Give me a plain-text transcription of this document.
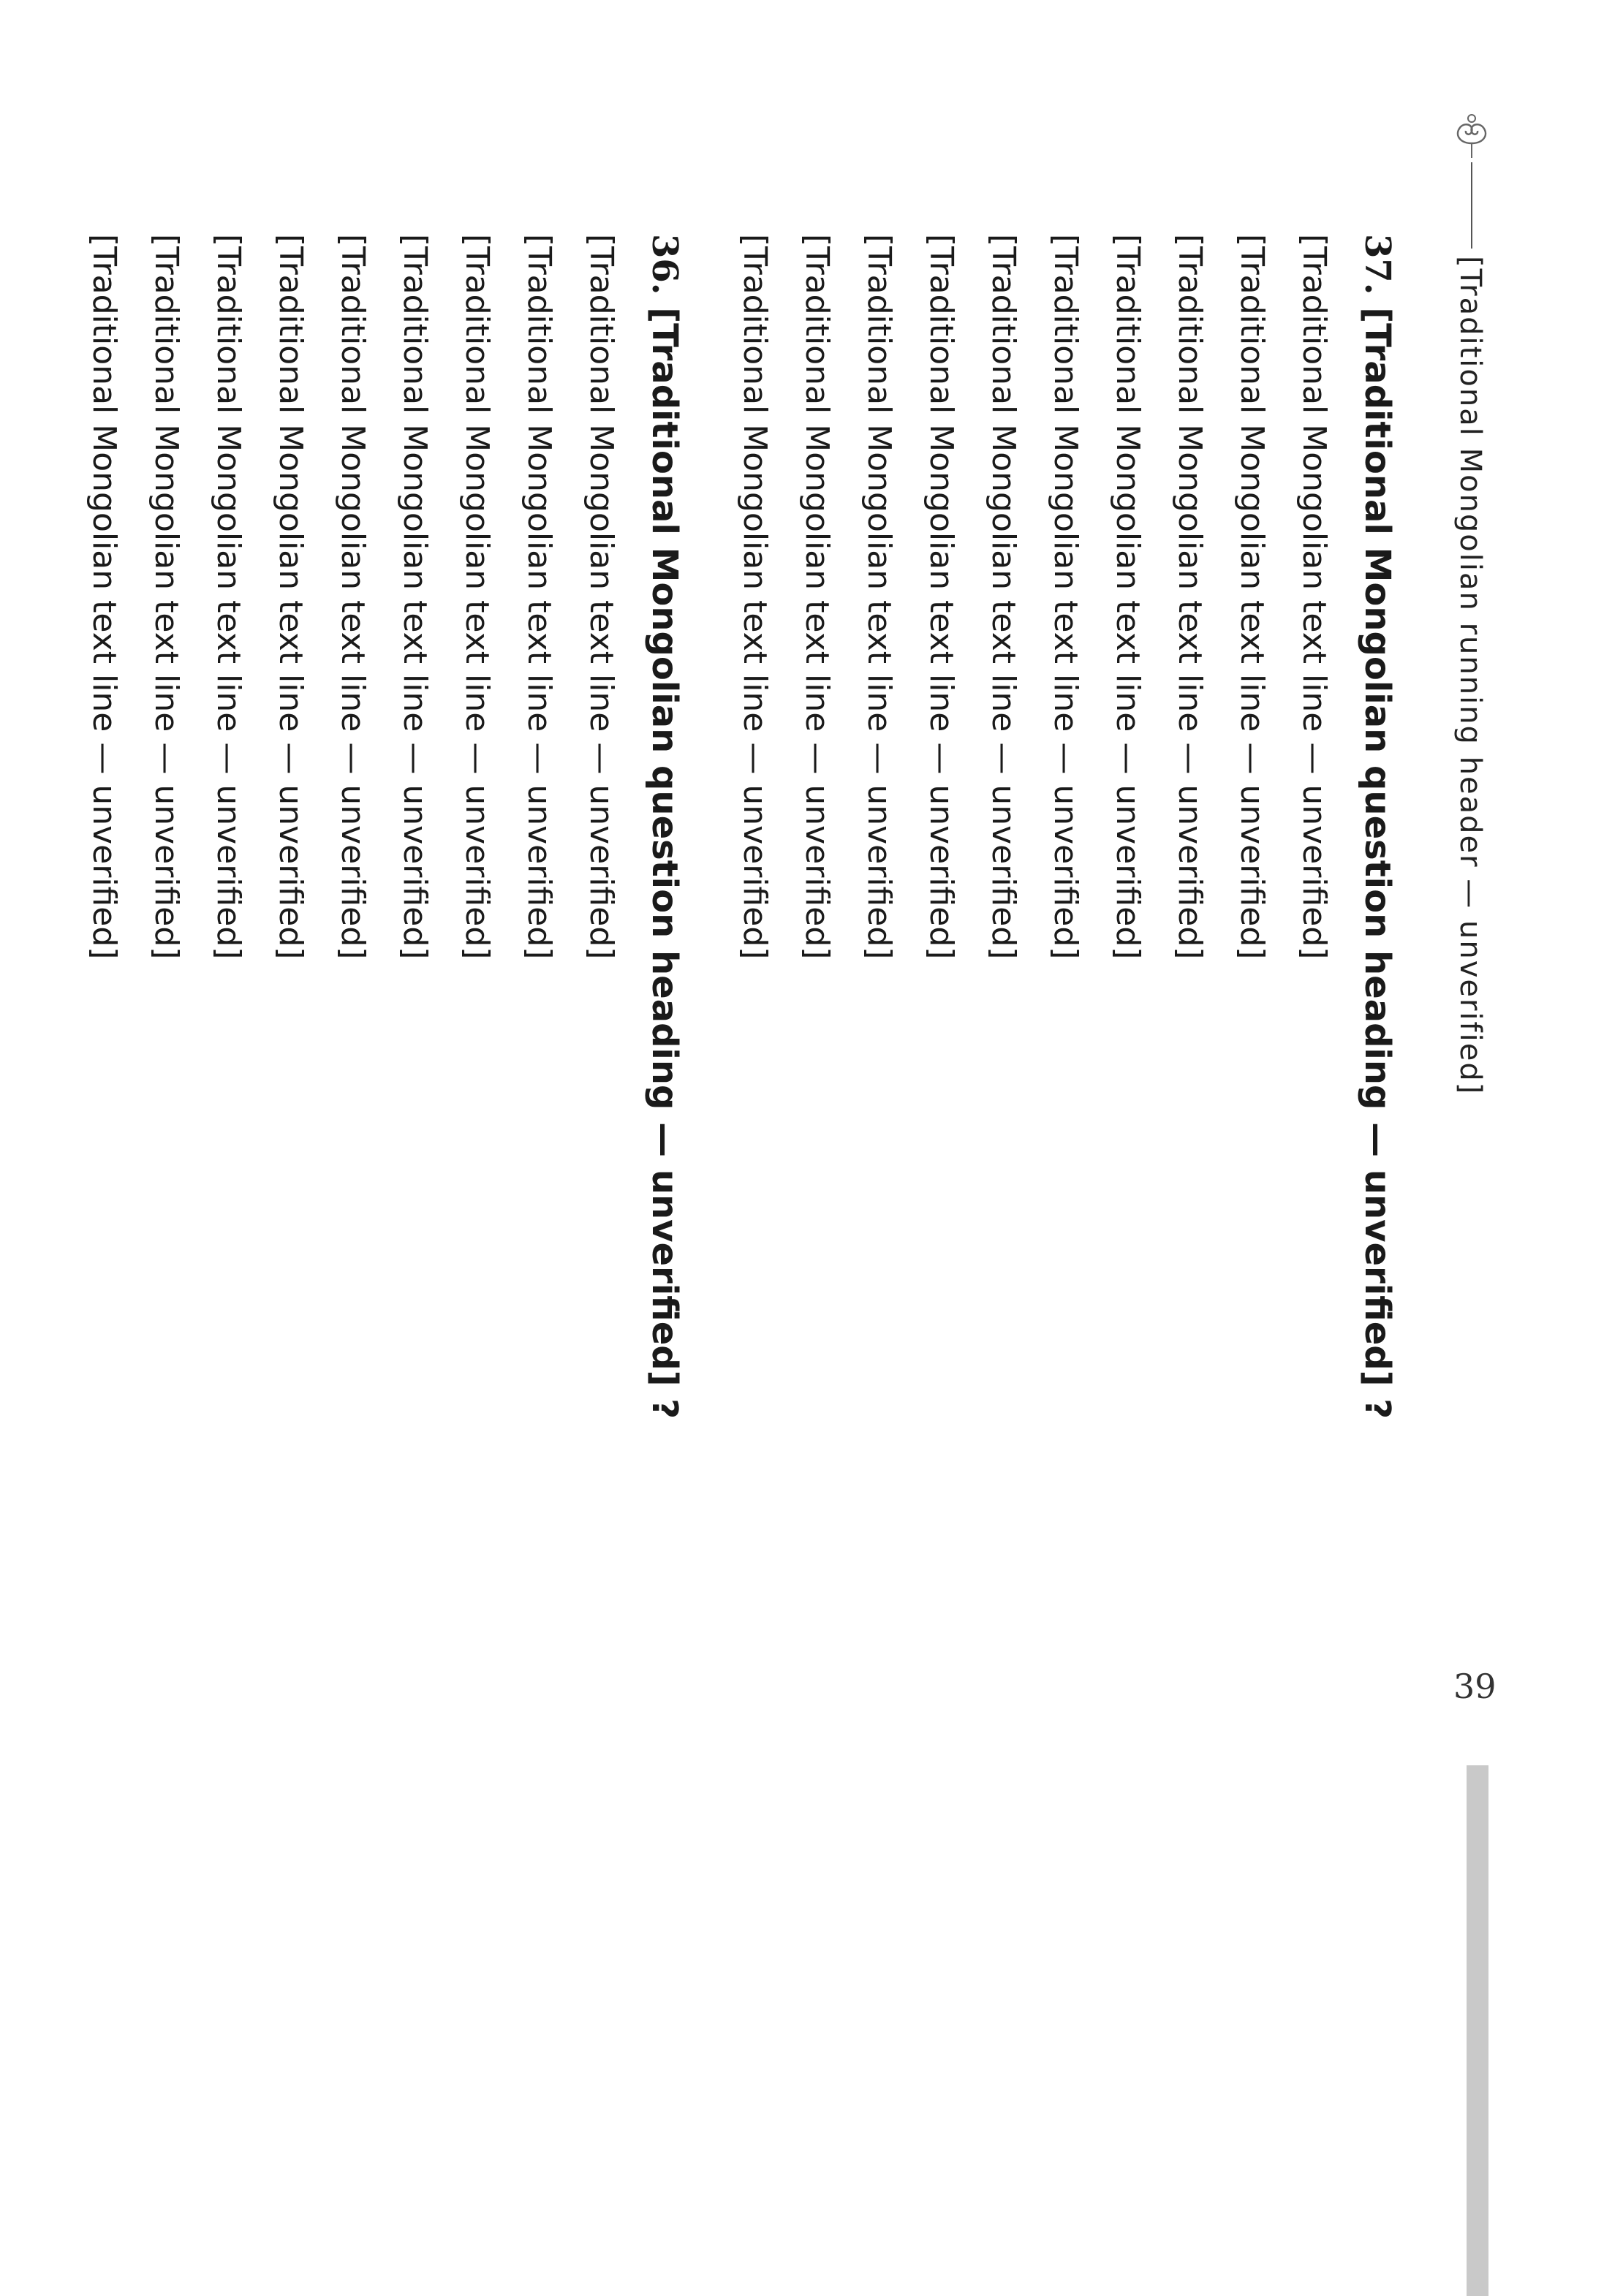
[Traditional Mongolian running header — unverified]
39
37. [Traditional Mongolian question heading — unverified] ?
[Traditional Mongolian text line — unverified]
[Traditional Mongolian text line — unverified]
[Traditional Mongolian text line — unverified]
[Traditional Mongolian text line — unverified]
[Traditional Mongolian text line — unverified]
[Traditional Mongolian text line — unverified]
[Traditional Mongolian text line — unverified]
[Traditional Mongolian text line — unverified]
[Traditional Mongolian text line — unverified]
[Traditional Mongolian text line — unverified]
36. [Traditional Mongolian question heading — unverified] ?
[Traditional Mongolian text line — unverified]
[Traditional Mongolian text line — unverified]
[Traditional Mongolian text line — unverified]
[Traditional Mongolian text line — unverified]
[Traditional Mongolian text line — unverified]
[Traditional Mongolian text line — unverified]
[Traditional Mongolian text line — unverified]
[Traditional Mongolian text line — unverified]
[Traditional Mongolian text line — unverified]
